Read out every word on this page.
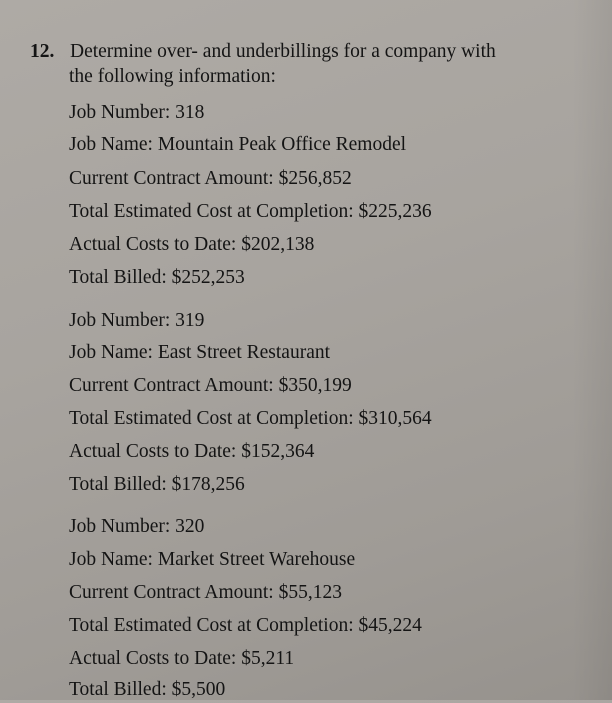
12. Determine over- and underbillings for a company with
the following information:
Job Number: 318
Job Name: Mountain Peak Office Remodel
Current Contract Amount: $256,852
Total Estimated Cost at Completion: $225,236
Actual Costs to Date: $202,138
Total Billed: $252,253
Job Number: 319
Job Name: East Street Restaurant
Current Contract Amount: $350,199
Total Estimated Cost at Completion: $310,564
Actual Costs to Date: $152,364
Total Billed: $178,256
Job Number: 320
Job Name: Market Street Warehouse
Current Contract Amount: $55,123
Total Estimated Cost at Completion: $45,224
Actual Costs to Date: $5,211
Total Billed: $5,500
